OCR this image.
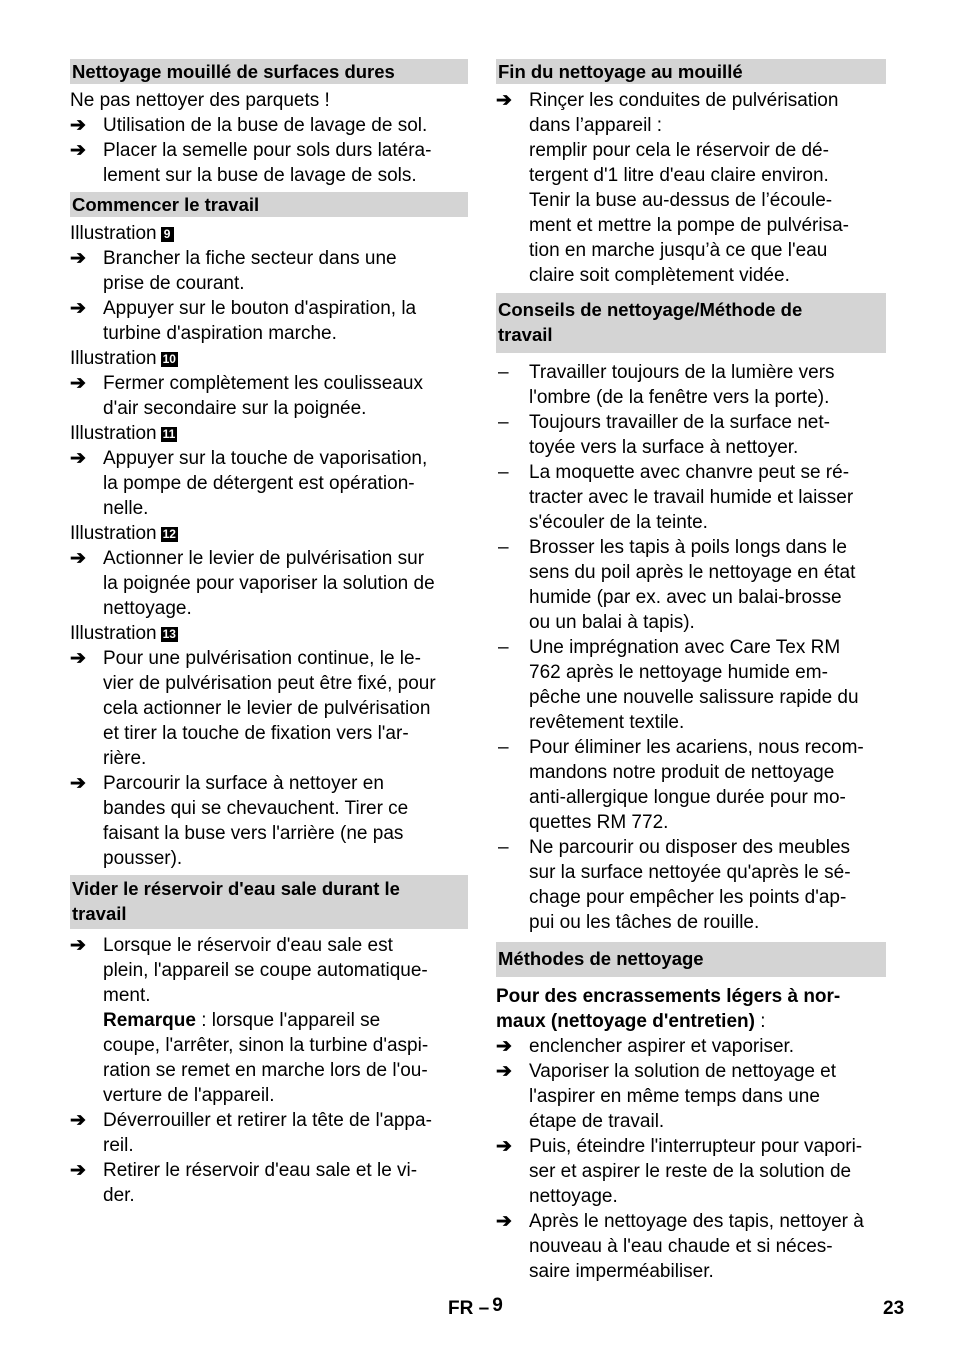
Nettoyage mouillé de surfaces dures

Ne pas nettoyer des parquets !

➔ Utilisation de la buse de lavage de sol.
➔ Placer la semelle pour sols durs latéra-
lement sur la buse de lavage de sols.

Commencer le travail

Illustration 9

➔ Brancher la fiche secteur dans une
prise de courant.
➔ Appuyer sur le bouton d'aspiration, la
turbine d'aspiration marche.

Illustration 10

➔ Fermer complètement les coulisseaux
d'air secondaire sur la poignée.

Illustration 11

➔ Appuyer sur la touche de vaporisation,
la pompe de détergent est opération-
nelle.

Illustration 12

➔ Actionner le levier de pulvérisation sur
la poignée pour vaporiser la solution de
nettoyage.

Illustration 13

➔ Pour une pulvérisation continue, le le-
vier de pulvérisation peut être fixé, pour
cela actionner le levier de pulvérisation
et tirer la touche de fixation vers l'ar-
rière.
➔ Parcourir la surface à nettoyer en
bandes qui se chevauchent. Tirer ce
faisant la buse vers l'arrière (ne pas
pousser).

Vider le réservoir d'eau sale durant le
travail

➔ Lorsque le réservoir d'eau sale est
plein, l'appareil se coupe automatique-
ment.
Remarque : lorsque l'appareil se
coupe, l'arrêter, sinon la turbine d'aspi-
ration se remet en marche lors de l'ou-
verture de l'appareil.
➔ Déverrouiller et retirer la tête de l'appa-
reil.
➔ Retirer le réservoir d'eau sale et le vi-
der.

Fin du nettoyage au mouillé

➔ Rinçer les conduites de pulvérisation
dans l’appareil :
remplir pour cela le réservoir de dé-
tergent d'1 litre d'eau claire environ.
Tenir la buse au-dessus de l’écoule-
ment et mettre la pompe de pulvérisa-
tion en marche jusqu’à ce que l'eau
claire soit complètement vidée.

Conseils de nettoyage/Méthode de
travail

–	Travailler toujours de la lumière vers
l'ombre (de la fenêtre vers la porte).
–	Toujours travailler de la surface net-
toyée vers la surface à nettoyer.
–	La moquette avec chanvre peut se ré-
tracter avec le travail humide et laisser
s'écouler de la teinte.
–	Brosser les tapis à poils longs dans le
sens du poil après le nettoyage en état
humide (par ex. avec un balai-brosse
ou un balai à tapis).
–	Une imprégnation avec Care Tex RM
762 après le nettoyage humide em-
pêche une nouvelle salissure rapide du
revêtement textile.
–	Pour éliminer les acariens, nous recom-
mandons notre produit de nettoyage
anti-allergique longue durée pour mo-
quettes RM 772.
–	Ne parcourir ou disposer des meubles
sur la surface nettoyée qu'après le sé-
chage pour empêcher les points d'ap-
pui ou les tâches de rouille.

Méthodes de nettoyage

Pour des encrassements légers à nor-
maux (nettoyage d'entretien) :

➔ enclencher aspirer et vaporiser.
➔ Vaporiser la solution de nettoyage et
l'aspirer en même temps dans une
étape de travail.
➔ Puis, éteindre l'interrupteur pour vapori-
ser et aspirer le reste de la solution de
nettoyage.
➔ Après le nettoyage des tapis, nettoyer à
nouveau à l'eau chaude et si néces-
saire imperméabiliser.
FR – 9	23
